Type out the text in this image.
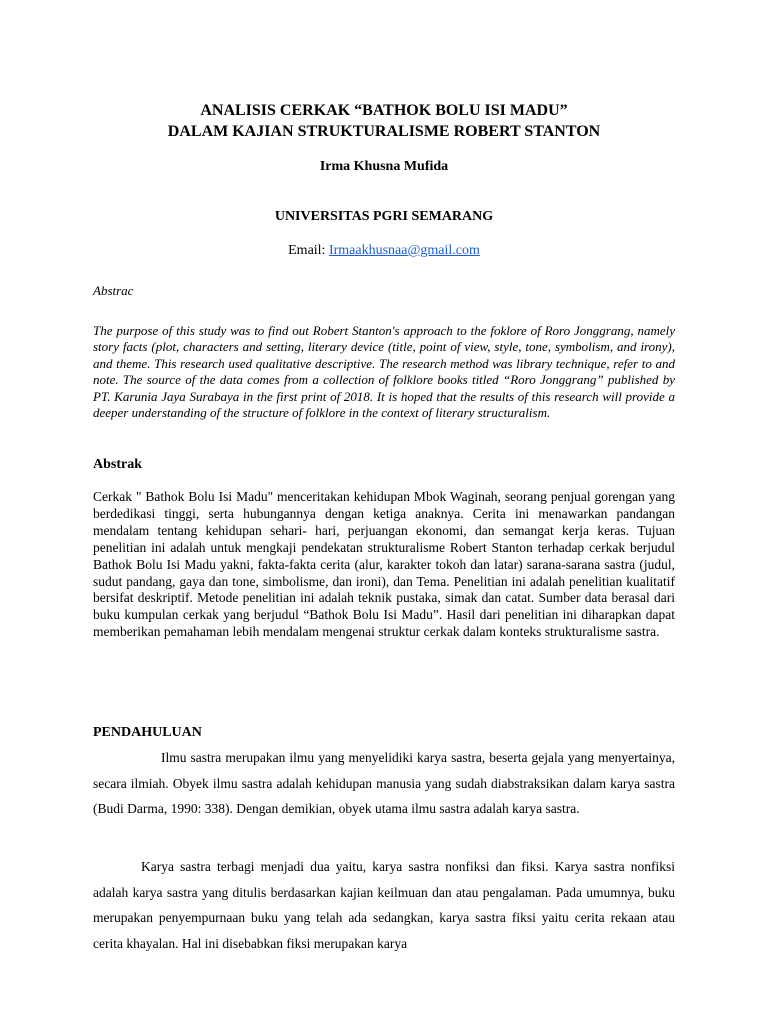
ANALISIS CERKAK “BATHOK BOLU ISI MADU”
DALAM KAJIAN STRUKTURALISME ROBERT STANTON
Irma Khusna Mufida
UNIVERSITAS PGRI SEMARANG
Email: Irmaakhusnaa@gmail.com
Abstrac

The purpose of this study was to find out Robert Stanton's approach to the foklore of Roro Jonggrang, namely story facts (plot, characters and setting, literary device (title, point of view, style, tone, symbolism, and irony), and theme. This research used qualitative descriptive. The research method was library technique, refer to and note. The source of the data comes from a collection of folklore books titled “Roro Jonggrang” published by PT. Karunia Jaya Surabaya in the first print of 2018. It is hoped that the results of this research will provide a deeper understanding of the structure of folklore in the context of literary structuralism.

Abstrak

Cerkak " Bathok Bolu Isi Madu" menceritakan kehidupan Mbok Waginah, seorang penjual gorengan yang berdedikasi tinggi, serta hubungannya dengan ketiga anaknya. Cerita ini menawarkan pandangan mendalam tentang kehidupan sehari- hari, perjuangan ekonomi, dan semangat kerja keras. Tujuan penelitian ini adalah untuk mengkaji pendekatan strukturalisme Robert Stanton terhadap cerkak berjudul Bathok Bolu Isi Madu yakni, fakta-fakta cerita (alur, karakter tokoh dan latar) sarana-sarana sastra (judul, sudut pandang, gaya dan tone, simbolisme, dan ironi), dan Tema. Penelitian ini adalah penelitian kualitatif bersifat deskriptif. Metode penelitian ini adalah teknik pustaka, simak dan catat. Sumber data berasal dari buku kumpulan cerkak yang berjudul “Bathok Bolu Isi Madu”. Hasil dari penelitian ini diharapkan dapat memberikan pemahaman lebih mendalam mengenai struktur cerkak dalam konteks strukturalisme sastra.

PENDAHULUAN

Ilmu sastra merupakan ilmu yang menyelidiki karya sastra, beserta gejala yang menyertainya, secara ilmiah. Obyek ilmu sastra adalah kehidupan manusia yang sudah diabstraksikan dalam karya sastra (Budi Darma, 1990: 338). Dengan demikian, obyek utama ilmu sastra adalah karya sastra.

Karya sastra terbagi menjadi dua yaitu, karya sastra nonfiksi dan fiksi. Karya sastra nonfiksi adalah karya sastra yang ditulis berdasarkan kajian keilmuan dan atau pengalaman. Pada umumnya, buku merupakan penyempurnaan buku yang telah ada sedangkan, karya sastra fiksi yaitu cerita rekaan atau cerita khayalan. Hal ini disebabkan fiksi merupakan karya
